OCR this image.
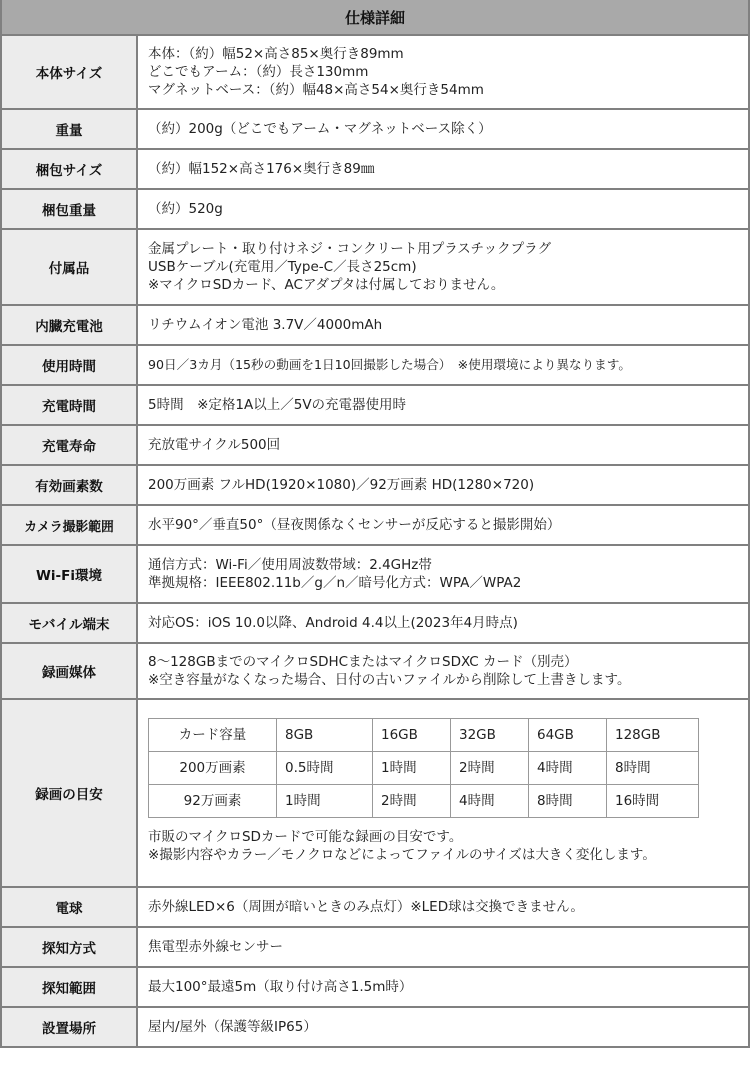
仕様詳細
本体サイズ	
本体：（約）幅52×高さ85×奥行き89mm
どこでもアーム：（約）長さ130mm
マグネットベース：（約）幅48×高さ54×奥行き54mm

重量	（約）200g（どこでもアーム・マグネットベース除く）

梱包サイズ	（約）幅152×高さ176×奥行き89㎜

梱包重量	（約）520g

付属品	
金属プレート・取り付けネジ・コンクリート用プラスチックプラグ
USBケーブル(充電用／Type-C／長さ25cm)
※マイクロSDカード、ACアダプタは付属しておりません。

内臓充電池	リチウムイオン電池 3.7V／4000mAh

使用時間	90日／3カ月（15秒の動画を1日10回撮影した場合）　※使用環境により異なります。

充電時間	5時間　※定格1A以上／5Vの充電器使用時

充電寿命	充放電サイクル500回

有効画素数	200万画素 フルHD(1920×1080)／92万画素 HD(1280×720)

カメラ撮影範囲	水平90°／垂直50°（昼夜関係なくセンサーが反応すると撮影開始）

Wi-Fi環境	
通信方式：Wi-Fi／使用周波数帯域：2.4GHz帯
準拠規格：IEEE802.11b／g／n／暗号化方式：WPA／WPA2

モバイル端末	対応OS：iOS 10.0以降、Android 4.4以上(2023年4月時点)

録画媒体	
8～128GBまでのマイクロSDHCまたはマイクロSDXC カード（別売）
※空き容量がなくなった場合、日付の古いファイルから削除して上書きします。

録画の目安	
カード容量	8GB	16GB	32GB	64GB	128GB
200万画素	0.5時間	1時間	2時間	4時間	8時間
92万画素	1時間	2時間	4時間	8時間	16時間
市販のマイクロSDカードで可能な録画の目安です。
※撮影内容やカラー／モノクロなどによってファイルのサイズは大きく変化します。

電球	赤外線LED×6（周囲が暗いときのみ点灯）※LED球は交換できません。

探知方式	焦電型赤外線センサー

探知範囲	最大100°最遠5m（取り付け高さ1.5m時）

設置場所	屋内/屋外（保護等級IP65）
